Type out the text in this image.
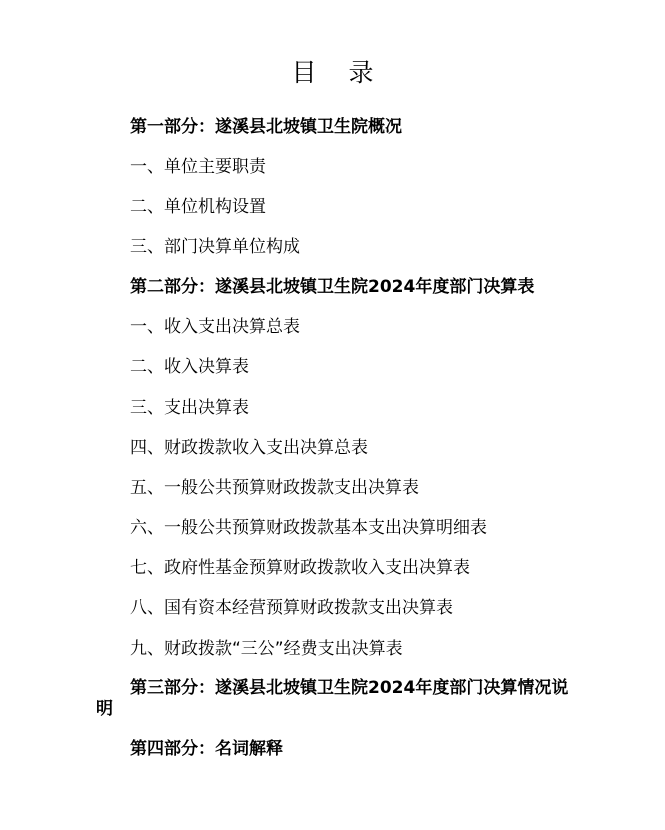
目 录
第一部分：遂溪县北坡镇卫生院概况
一、单位主要职责
二、单位机构设置
三、部门决算单位构成
第二部分：遂溪县北坡镇卫生院2024年度部门决算表
一、收入支出决算总表
二、收入决算表
三、支出决算表
四、财政拨款收入支出决算总表
五、一般公共预算财政拨款支出决算表
六、一般公共预算财政拨款基本支出决算明细表
七、政府性基金预算财政拨款收入支出决算表
八、国有资本经营预算财政拨款支出决算表
九、财政拨款“三公”经费支出决算表
第三部分：遂溪县北坡镇卫生院2024年度部门决算情况说明
第四部分：名词解释
